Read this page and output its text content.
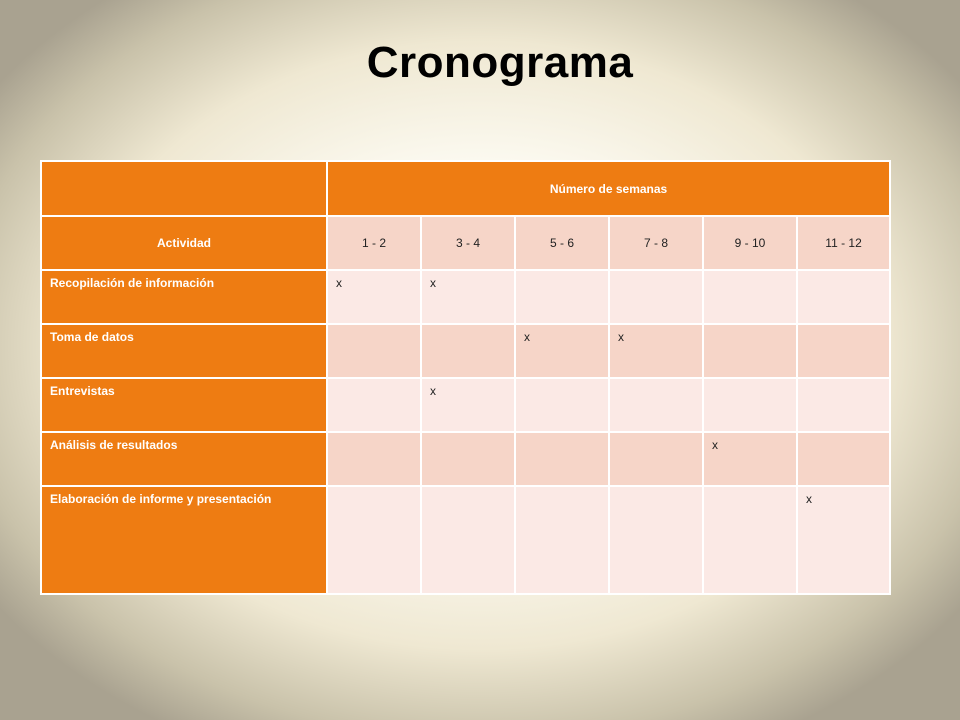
Cronograma
	Número de semanas					
Actividad	1 - 2	3 - 4	5 - 6	7 - 8	9 - 10	11 - 12
Recopilación de información	x	x				
Toma de datos			x	x		
Entrevistas		x				
Análisis de resultados					x	
Elaboración de informe y presentación						x
